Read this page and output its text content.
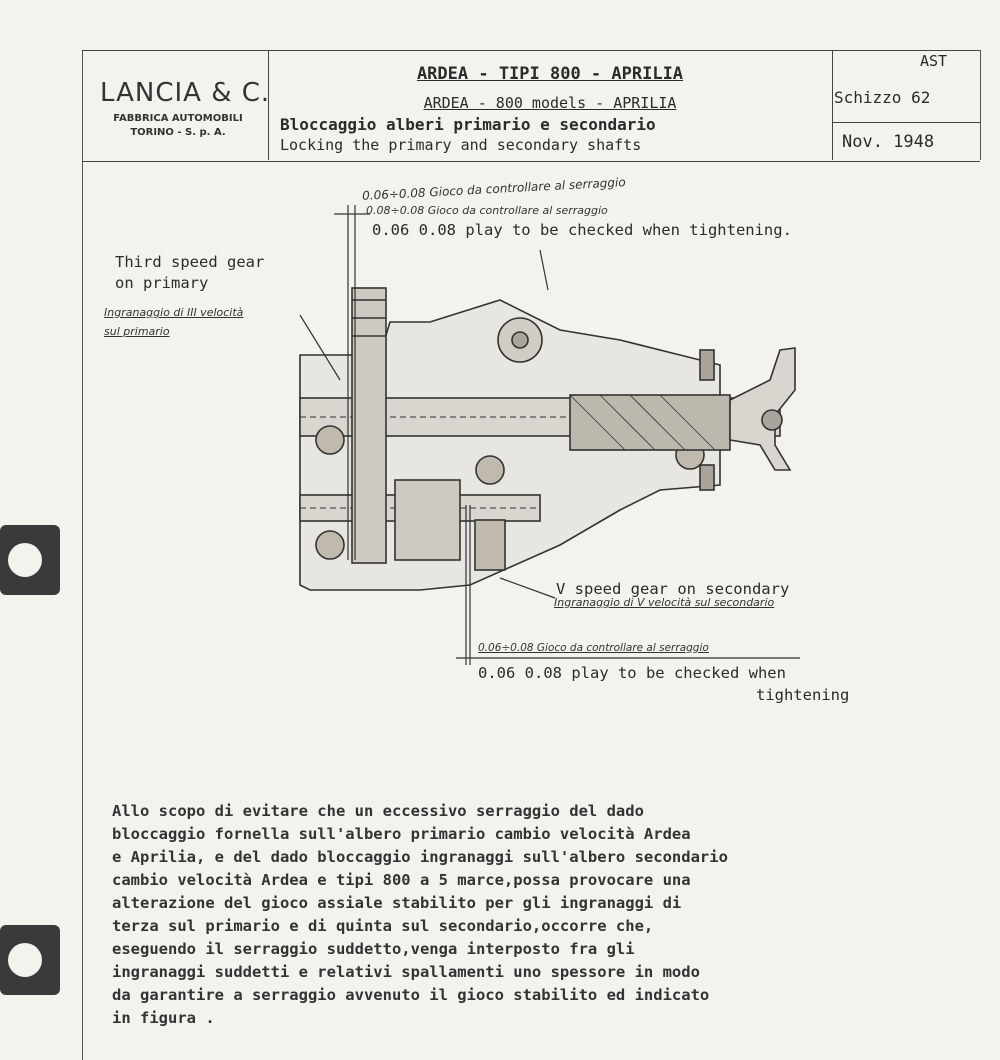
LANCIA & C.
FABBRICA AUTOMOBILI
TORINO - S. p. A.
ARDEA - TIPI 800 - APRILIA
ARDEA - 800 models - APRILIA
Bloccaggio alberi primario e secondario
Locking the primary and secondary shafts
AST
Schizzo 62
Nov. 1948
0.06÷0.08 Gioco da controllare al serraggio
0.08÷0.08 Gioco da controllare al serraggio
0.06 0.08 play to be checked when tightening.
Third speed gear
on primary
Ingranaggio di III velocità
sul primario
V speed gear on secondary
Ingranaggio di V velocità sul secondario
0.06÷0.08 Gioco da controllare al serraggio
0.06 0.08 play to be checked when
tightening
Allo scopo di evitare che un eccessivo serraggio del dado
bloccaggio fornella sull'albero primario cambio velocità Ardea
e Aprilia, e del dado bloccaggio ingranaggi sull'albero secondario
cambio velocità Ardea e tipi 800 a 5 marce,possa provocare una
alterazione del gioco assiale stabilito per gli ingranaggi di
terza sul primario e di quinta sul secondario,occorre che,
eseguendo il serraggio suddetto,venga interposto fra gli
ingranaggi suddetti e relativi spallamenti uno spessore in modo
da garantire a serraggio avvenuto il gioco stabilito ed indicato
in figura .
